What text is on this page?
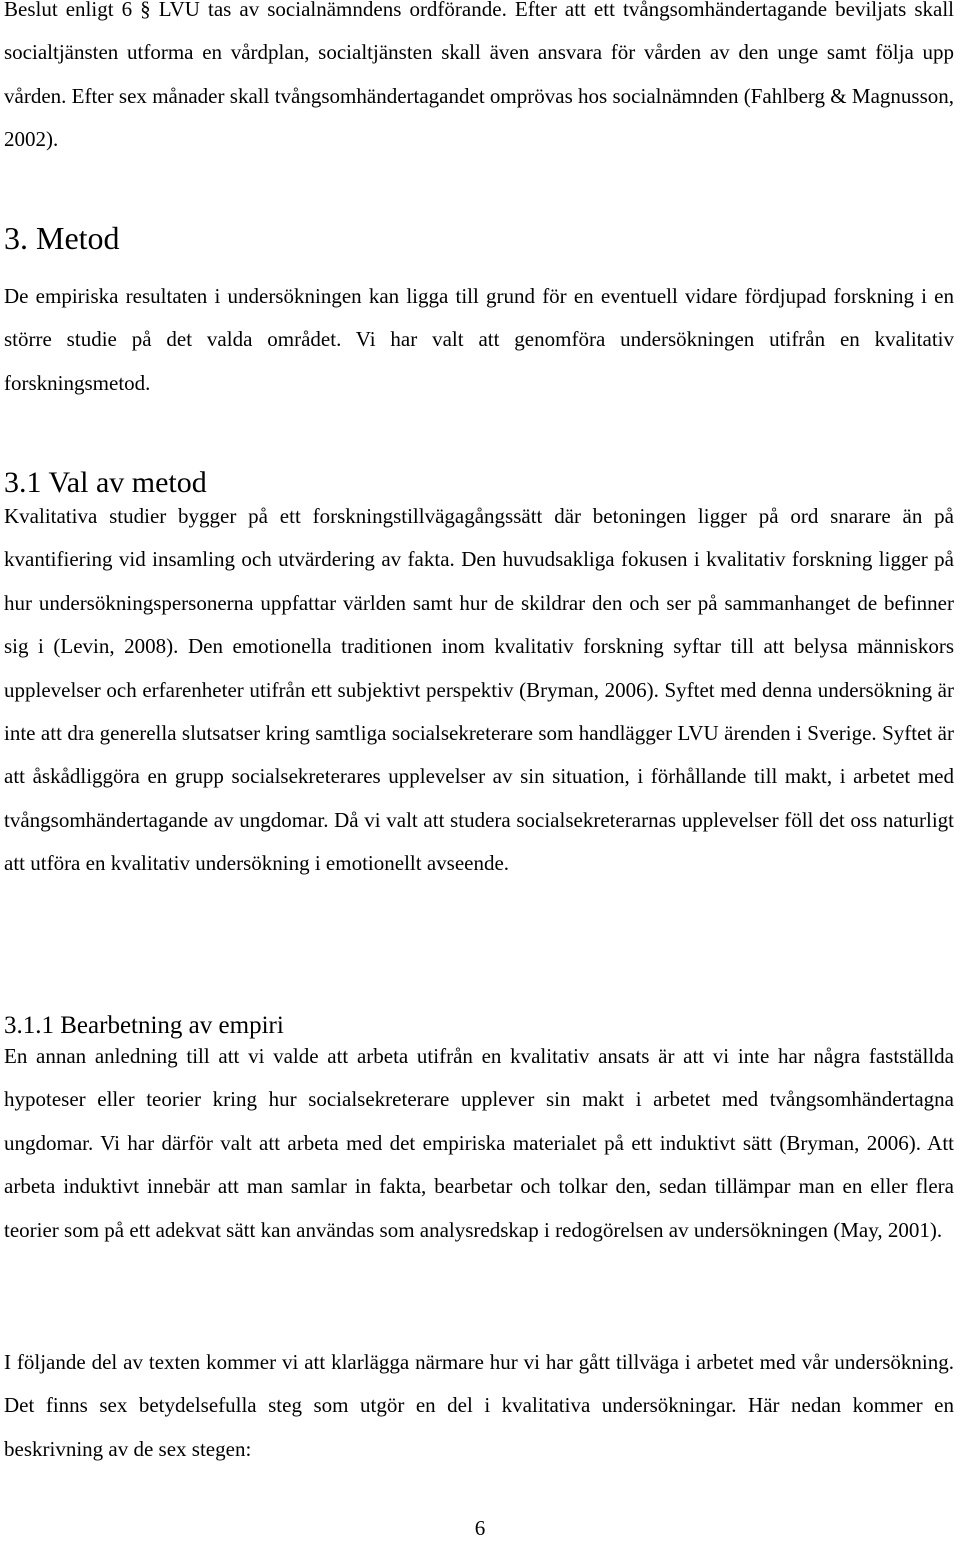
Beslut enligt 6 § LVU tas av socialnämndens ordförande. Efter att ett tvångsomhändertagande beviljats skall socialtjänsten utforma en vårdplan, socialtjänsten skall även ansvara för vården av den unge samt följa upp vården. Efter sex månader skall tvångsomhändertagandet omprövas hos socialnämnden (Fahlberg & Magnusson, 2002).

3. Metod

De empiriska resultaten i undersökningen kan ligga till grund för en eventuell vidare fördjupad forskning i en större studie på det valda området. Vi har valt att genomföra undersökningen utifrån en kvalitativ forskningsmetod.

3.1 Val av metod

Kvalitativa studier bygger på ett forskningstillvägagångssätt där betoningen ligger på ord snarare än på kvantifiering vid insamling och utvärdering av fakta. Den huvudsakliga fokusen i kvalitativ forskning ligger på hur undersökningspersonerna uppfattar världen samt hur de skildrar den och ser på sammanhanget de befinner sig i (Levin, 2008). Den emotionella traditionen inom kvalitativ forskning syftar till att belysa människors upplevelser och erfarenheter utifrån ett subjektivt perspektiv (Bryman, 2006). Syftet med denna undersökning är inte att dra generella slutsatser kring samtliga socialsekreterare som handlägger LVU ärenden i Sverige. Syftet är att åskådliggöra en grupp socialsekreterares upplevelser av sin situation, i förhållande till makt, i arbetet med tvångsomhändertagande av ungdomar. Då vi valt att studera socialsekreterarnas upplevelser föll det oss naturligt att utföra en kvalitativ undersökning i emotionellt avseende.

3.1.1 Bearbetning av empiri

En annan anledning till att vi valde att arbeta utifrån en kvalitativ ansats är att vi inte har några fastställda hypoteser eller teorier kring hur socialsekreterare upplever sin makt i arbetet med tvångsomhändertagna ungdomar. Vi har därför valt att arbeta med det empiriska materialet på ett induktivt sätt (Bryman, 2006). Att arbeta induktivt innebär att man samlar in fakta, bearbetar och tolkar den, sedan tillämpar man en eller flera teorier som på ett adekvat sätt kan användas som analysredskap i redogörelsen av undersökningen (May, 2001).

I följande del av texten kommer vi att klarlägga närmare hur vi har gått tillväga i arbetet med vår undersökning. Det finns sex betydelsefulla steg som utgör en del i kvalitativa undersökningar. Här nedan kommer en beskrivning av de sex stegen:

6
